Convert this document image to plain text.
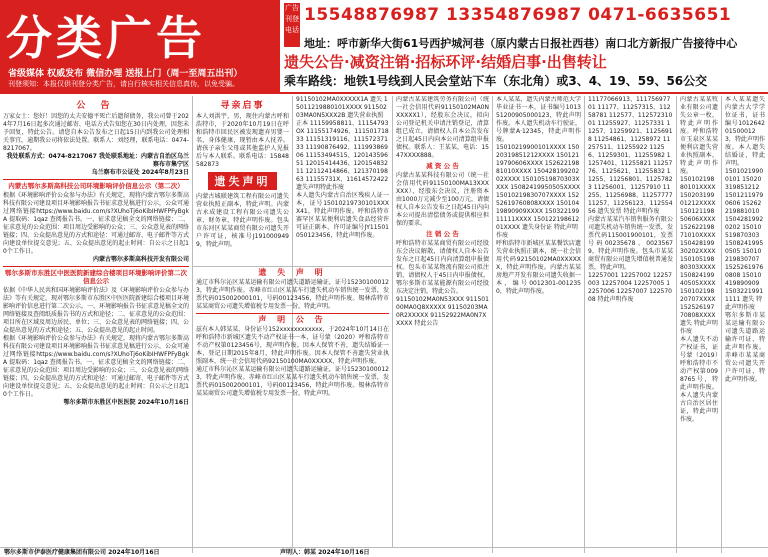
分类广告
省级媒体 权威发布 微信办理 送报上门（周一至周五出刊）
刊登须知：本报仅供刊登分类广告，请自行核实相关信息真伪，以免受骗。
广告刊登电话
15548876987 13354876987 0471-6635651
地址：呼市新华大街61号西护城河巷（原内蒙古日报社西巷）南口北方新报广告接待中心
遗失公告·减资注销·招标环评·结婚启事·出售转让
乘车路线：地铁1号线到人民会堂站下车（东北角）或3、4、19、59、56公交
公 告
万家女士：您好！因您的太夫安德平死亡后遗留债务，我公司曾于2024年7月16日起多次通过邮寄、电话方式告知您在30日内处理，因您未予回复，特此公告。请您自本公告发布之日起15日内到我公司处理相关事宜，逾期我公司将依法处置。联系人：刘经理，联系电话：0474-8217067。
我处联系方式：0474-8217067 我处联系地址：内蒙古自治区乌兰察布市集宁区
乌兰察布市公证处 2024年8月23日
内蒙古鄂尔多斯高科技公司环境影响评价信息公示（第二次）
根据《环境影响评价公众参与办法》有关规定，现将内蒙古鄂尔多斯高科技有限公司建设项目环境影响报告书征求意见稿进行公示，公众可通过网络链接https://www.baidu.com/s?XUhoTj6oKibIHWFPFyBgkA 提取码：1qaz 查阅报告书。一、征求意见稿全文的网络链接；二、征求意见的公众范围：项目周边受影响的公众；三、公众意见表的网络链接；四、公众提出意见的方式和途径：可通过邮寄、电子邮件等方式向建设单位提交意见；五、公众提出意见的起止时间：自公示之日起10个工作日。
内蒙古鄂尔多斯高科技开发有限公司
鄂尔多斯市东胜区中医医院新建综合楼项目环境影响评价第二次信息公示
依据《中华人民共和国环境影响评价法》及《环境影响评价公众参与办法》等有关规定，现对鄂尔多斯市东胜区中医医院新建综合楼项目环境影响评价信息进行第二次公示。一、环境影响报告书征求意见稿全文的网络链接及查阅纸质报告书的方式和途径；二、征求意见的公众范围：项目所在区域及周边居民、单位；三、公众意见表的网络链接；四、公众提出意见的方式和途径；五、公众提出意见的起止时间。
根据《环境影响评价公众参与办法》有关规定，现将内蒙古鄂尔多斯高科技有限公司建设项目环境影响报告书征求意见稿进行公示，公众可通过网络链接https://www.baidu.com/s?XUhoTj6oKibIHWFPFyBgkA 提取码：1qaz 查阅报告书。一、征求意见稿全文的网络链接；二、征求意见的公众范围：项目周边受影响的公众；三、公众意见表的网络链接；四、公众提出意见的方式和途径：可通过邮寄、电子邮件等方式向建设单位提交意见；五、公众提出意见的起止时间：自公示之日起10个工作日。
鄂尔多斯市东胜区中医医院 2024年10月16日
寻亲启事
本人刘洪宇，男，现住内蒙古呼和浩特市，于2020年10月19日在呼和浩特市回民区被发现遗弃男婴一名，身体健康，现暂由本人抚养。请孩子亲生父母或其他监护人见报后与本人联系。联系电话：15848582873
遗失声明
内蒙古城联建筑工程有限公司遗失营业执照正副本，特此声明。内蒙古永成建设工程有限公司遗失公章、财务章，特此声明作废。包头市东河区某某商贸有限公司遗失开户许可证，核准号J1910009499，特此声明。
91150102MA0XXXXX1A 遗失 15011219880101XXXX 91150203MA0N5XXX2B 遗失营业执照正本 11159958811、11154793OX 11155174926、11150171833 11151319116、11157237133 11190876492、11199386906 11153494515、12014359651 12015414436、12015483211 12112414866、12137019863 11155731X、11614572422 遗失声明特此作废
本人遗失内蒙古自治区残疾人证一本，证号15010219730101XXXX41，特此声明作废。呼和浩特市赛罕区某某便利店遗失食品经营许可证正副本，许可证编号JY11501050123456，特此声明作废。
遗 失 声 明
通辽市科尔沁区某某运输有限公司遗失道路运输证，证号152301000123，特此声明作废。赤峰市红山区某某车行遗失机动车销售统一发票，发票代码015002000101，号码00123456，特此声明作废。锡林浩特市某某商贸公司遗失增值税专用发票一份，特此声明。
声 明 公 告
兹有本人韩某某，身份证号152xxxxxxxxxxxx，于2024年10月14日在呼和浩特市新城区遗失不动产权证书一本，证号蒙（2020）呼和浩特市不动产权第0123456号，现声明作废。因本人保管不善，遗失结婚证一本，登记日期2015年8月，特此声明作废。因本人保管不善遗失营业执照副本，统一社会信用代码92150100MA0XXXXX，特此声明作废。
通辽市科尔沁区某某运输有限公司遗失道路运输证，证号152301000123，特此声明作废。赤峰市红山区某某车行遗失机动车销售统一发票，发票代码015002000101，号码00123456，特此声明作废。锡林浩特市某某商贸公司遗失增值税专用发票一份，特此声明。
内蒙古某某建筑劳务有限公司（统一社会信用代码91150102MA0NXXXXX1），经股东会决议，拟向公司登记机关申请注销登记，清算组已成立，请债权人自本公告发布之日起45日内向本公司清算组申报债权。联系人：王某某，电话：1547XXXX888。
减 资 公 告
内蒙古某某科技有限公司（统一社会信用代码91150100MA13XXXXXX），经股东会决议，注册资本由1000万元减少至100万元，请债权人自本公告发布之日起45日内向本公司提出清偿债务或提供相应担保的要求。
注 销 公 告
呼和浩特市某某商贸有限公司经股东会决议解散，请债权人自本公告发布之日起45日内向清算组申报债权。包头市某某物流有限公司拟注销，请债权人于45日内申报债权。鄂尔多斯市某某能源有限公司经股东决定注销，特此公告。
91150102MA0N53XXX 91150100MA0Q8XXXXX 91150203MA0R2XXXXX 91152922MA0N7XXXXX 特此公告
本人某某，遗失内蒙古师范大学毕业证书一本，证书编号101351200905000123，特此声明作废。本人遗失机动车行驶证，号牌蒙A·12345，特此声明作废。
15010219900101XXXX 15020319851212XXXX 15012119790606XXXX 15262219881010XXXX 15042819920202XXXX 15010519870303XXXX 15082419950505XXXX 15010219830707XXXX 15252619760808XXXX 15010419890909XXXX 15032219911111XXXX 15012219861201XXXX 遗失身份证 特此声明作废
呼和浩特市新城区某某餐饮店遗失营业执照正副本，统一社会信用代码92150102MA0XXXXXX，特此声明作废。内蒙古某某房地产开发有限公司遗失收据一本，编号0012301-0012350，特此声明作废。
11177066913、11175697701 11177、11257315、11258781 112577、11257231001 11255927、11257331 11257、11259921、11256918 11254861、11258972 11257511、11255922 11256、11259301、11255982 11257401、11255821 1125776、1125621、11255832 11255、11256801、11257823 11256001、11257910 11255、11256988、11257777 11257、11256123、11255456 遗失发票 特此声明作废
内蒙古某某汽车销售服务有限公司遗失机动车销售统一发票，发票代码115001900101，发票号码00235678、00235679，特此声明作废。包头市某某商贸有限公司遗失增值税普通发票，特此声明。
12257001 12257002 12257003 12257004 12257005 12257006 12257007 12257008 特此声明作废
内蒙古某某牧业有限公司遗失公章一枚，特此声明作废。呼和浩特市玉泉区某某便利店遗失营业执照副本，特此声明作废。
15010219880101XXXX 15020319901212XXXX 15012119850606XXXX 15262219871010XXXX 15042819930202XXXX 15010519880303XXXX 15082419940505XXXX 15010219820707XXXX 15252619770808XXXX 遗失 特此声明作废
本人遗失不动产权证书，证号蒙（2019）呼和浩特市不动产权第0098765号，特此声明作废。本人遗失内蒙古自治区居住证，特此声明作废。
本人某某遗失内蒙古大学学位证书，证书编号1012642015000123，特此声明作废。本人遗失结婚证，特此声明。
15010219900101 15020319851212 15012119790606 15262219881010 15042819920202 15010519870303 15082419950505 15010219830707 15252619760808 15010419890909 15032219911111 遗失 特此声明作废
鄂尔多斯市某某运输有限公司遗失道路运输许可证，特此声明作废。赤峰市某某商贸公司遗失开户许可证，特此声明作废。
鄂尔多斯市伊泰医疗健康集团有限公司 2024年10月16日	声明人：韩某 2024年10月16日
